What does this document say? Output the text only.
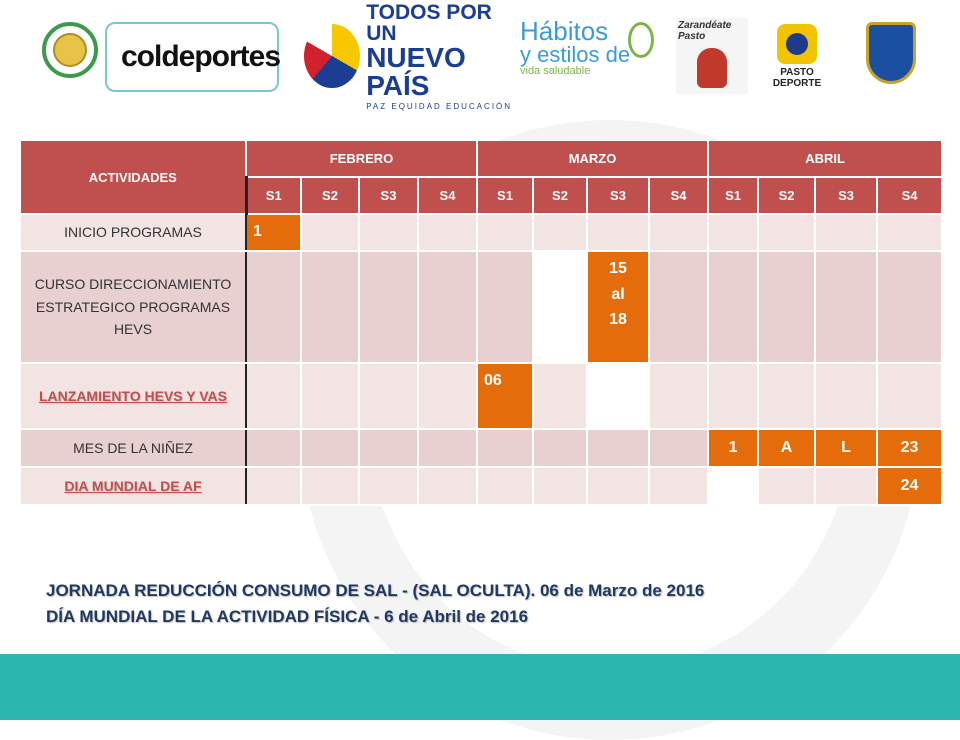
coldeportes
TODOS POR UN
NUEVO PAÍS
PAZ EQUIDAD EDUCACIÓN
Hábitos
y estilos de
vida saludable
Zarandéate Pasto
PASTO DEPORTE
ACTIVIDADES	FEBRERO				MARZO				ABRIL			
	S1	S2	S3	S4	S1	S2	S3	S4	S1	S2	S3	S4
INICIO PROGRAMAS	1											
CURSO DIRECCIONAMIENTO ESTRATEGICO PROGRAMAS HEVS							15
al
18					

LANZAMIENTO HEVS Y VAS					06							
MES DE LA NIÑEZ									1	A	L	23
DIA MUNDIAL DE AF												24
JORNADA REDUCCIÓN CONSUMO DE SAL - (SAL OCULTA). 06 de Marzo de 2016
DÍA MUNDIAL DE LA ACTIVIDAD FÍSICA - 6 de Abril de 2016
